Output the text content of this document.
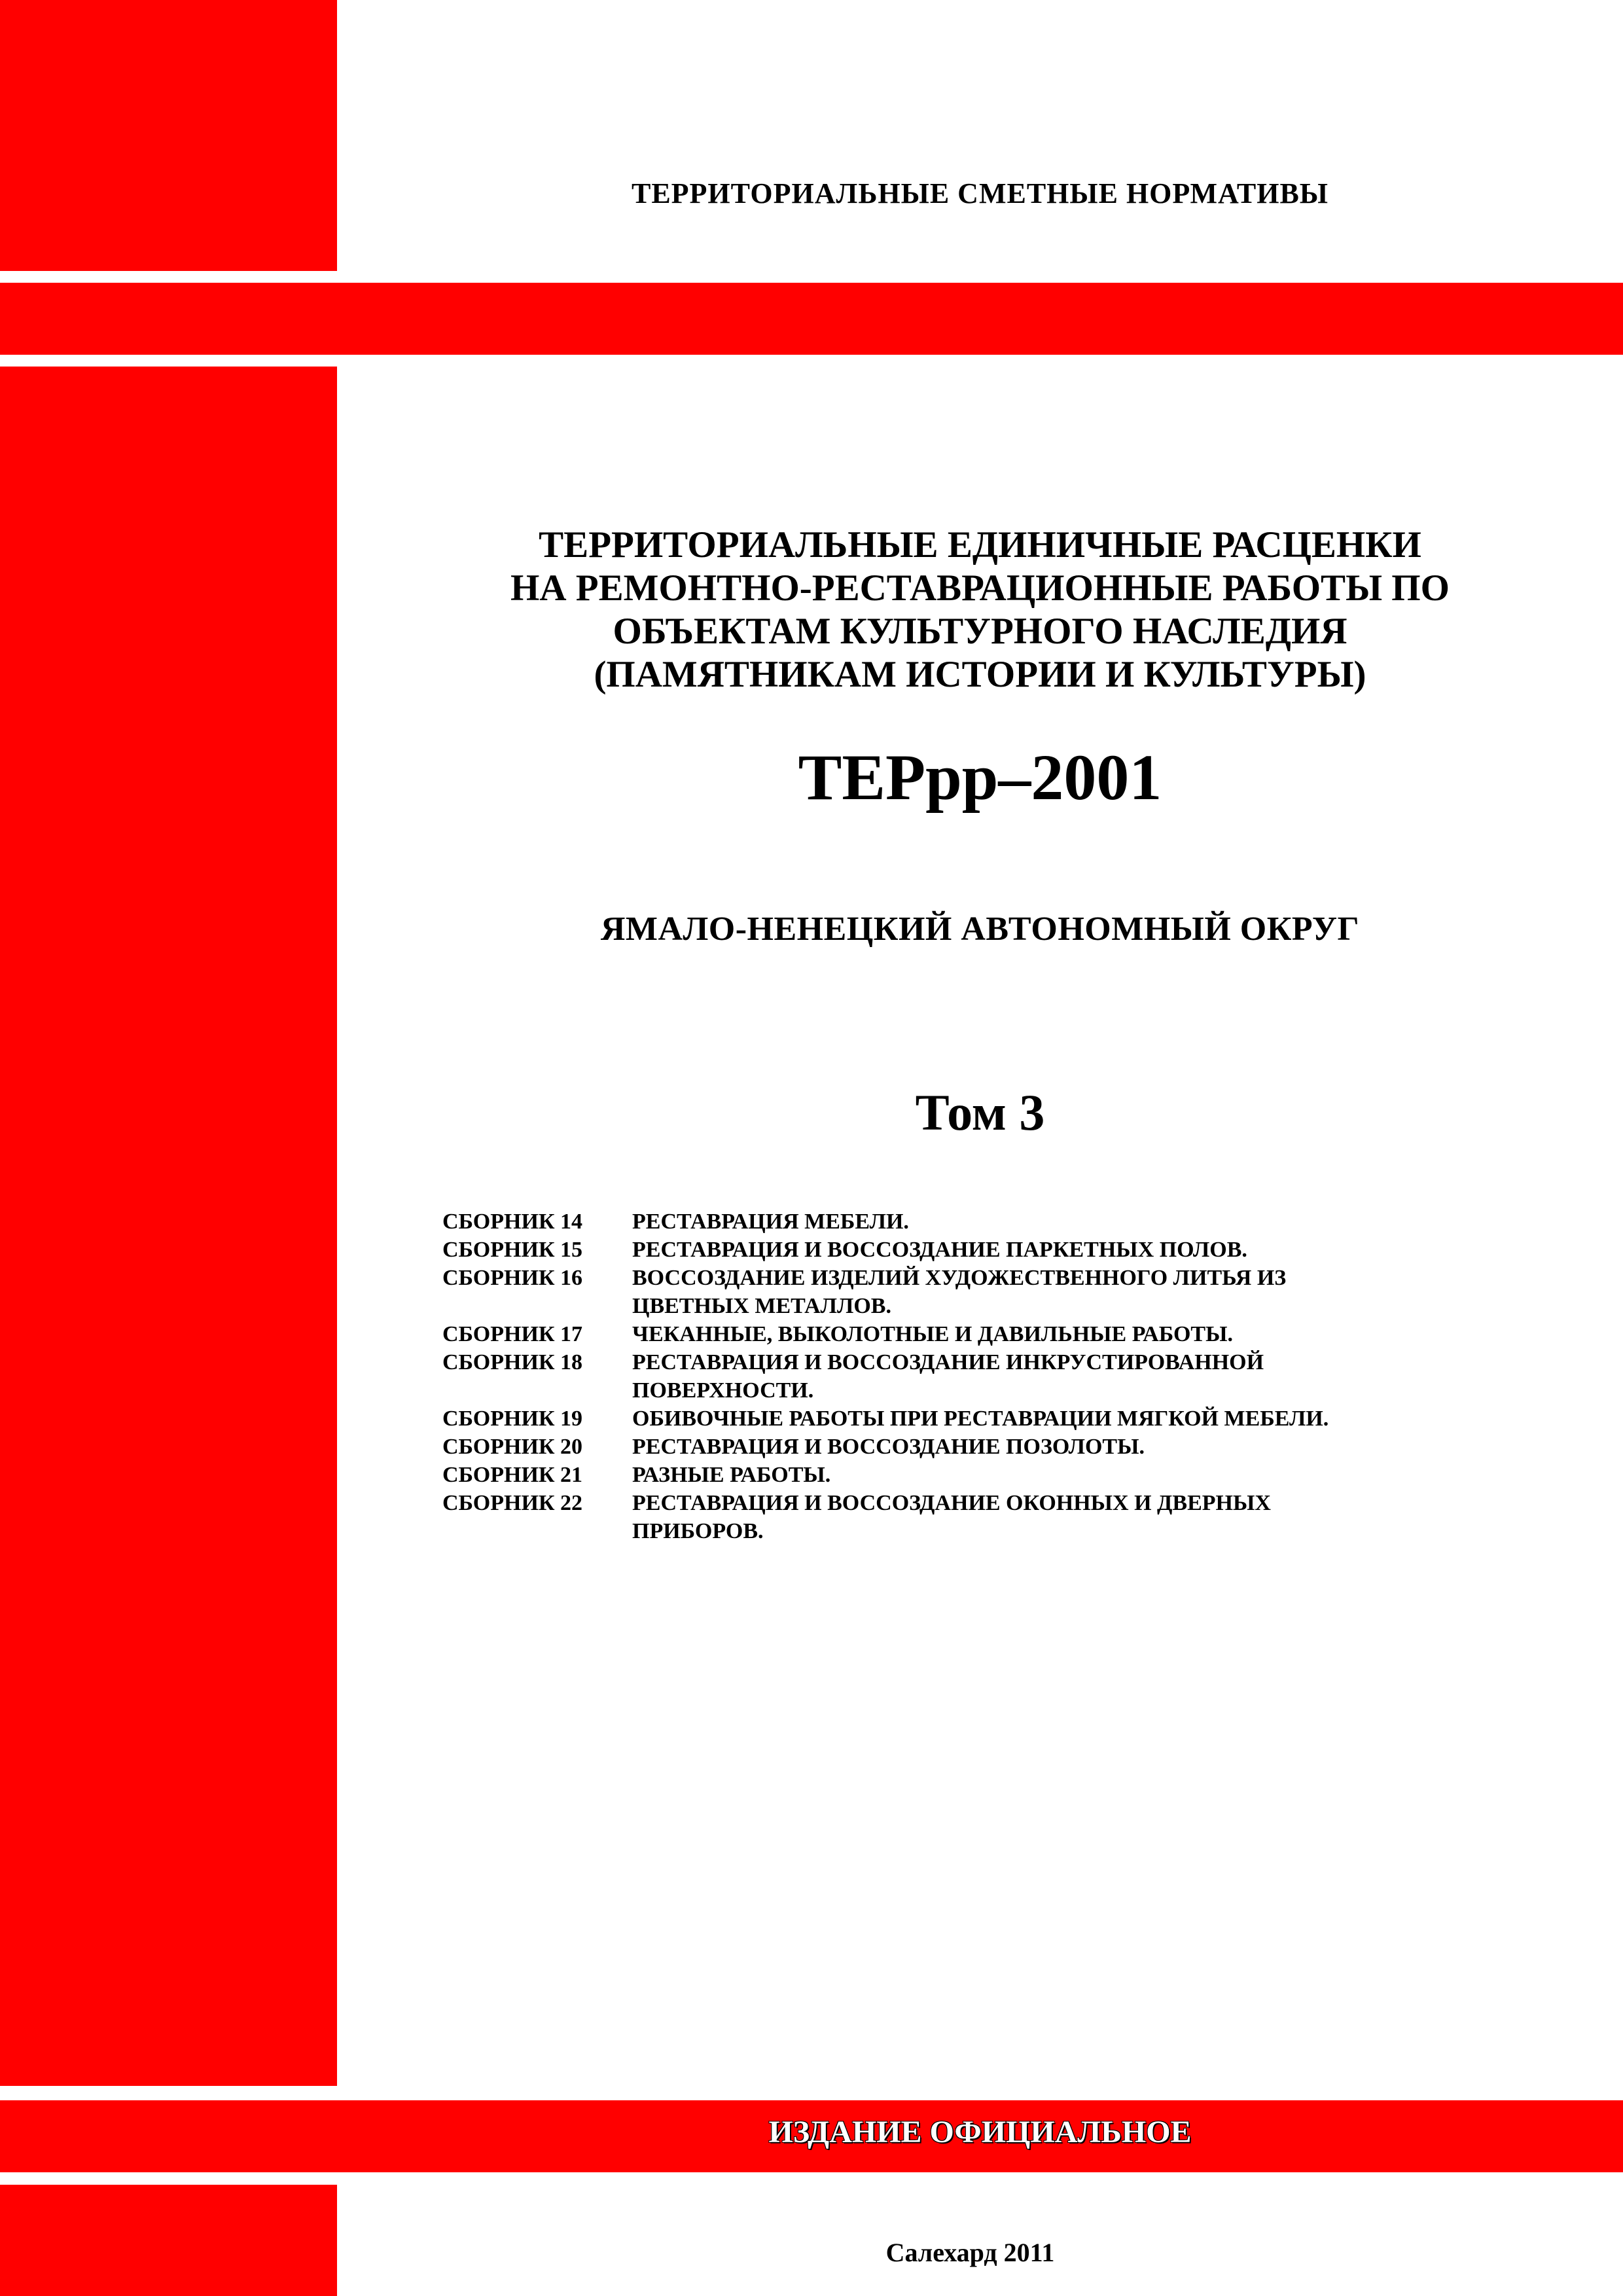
ТЕРРИТОРИАЛЬНЫЕ СМЕТНЫЕ НОРМАТИВЫ
ТЕРРИТОРИАЛЬНЫЕ ЕДИНИЧНЫЕ РАСЦЕНКИ
НА РЕМОНТНО-РЕСТАВРАЦИОННЫЕ РАБОТЫ ПО
ОБЪЕКТАМ КУЛЬТУРНОГО НАСЛЕДИЯ
(ПАМЯТНИКАМ ИСТОРИИ И КУЛЬТУРЫ)
ТЕРрр–2001
ЯМАЛО-НЕНЕЦКИЙ АВТОНОМНЫЙ ОКРУГ
Том 3
СБОРНИК 14	РЕСТАВРАЦИЯ МЕБЕЛИ.
СБОРНИК 15	РЕСТАВРАЦИЯ И ВОССОЗДАНИЕ ПАРКЕТНЫХ ПОЛОВ.
СБОРНИК 16	ВОССОЗДАНИЕ ИЗДЕЛИЙ ХУДОЖЕСТВЕННОГО ЛИТЬЯ ИЗ ЦВЕТНЫХ МЕТАЛЛОВ.
СБОРНИК 17	ЧЕКАННЫЕ, ВЫКОЛОТНЫЕ И ДАВИЛЬНЫЕ РАБОТЫ.
СБОРНИК 18	РЕСТАВРАЦИЯ И ВОССОЗДАНИЕ ИНКРУСТИРОВАННОЙ ПОВЕРХНОСТИ.
СБОРНИК 19	ОБИВОЧНЫЕ РАБОТЫ ПРИ РЕСТАВРАЦИИ МЯГКОЙ МЕБЕЛИ.
СБОРНИК 20	РЕСТАВРАЦИЯ И ВОССОЗДАНИЕ ПОЗОЛОТЫ.
СБОРНИК 21	РАЗНЫЕ РАБОТЫ.
СБОРНИК 22	РЕСТАВРАЦИЯ И ВОССОЗДАНИЕ ОКОННЫХ И ДВЕРНЫХ ПРИБОРОВ.
ИЗДАНИЕ ОФИЦИАЛЬНОЕ
Салехард 2011
